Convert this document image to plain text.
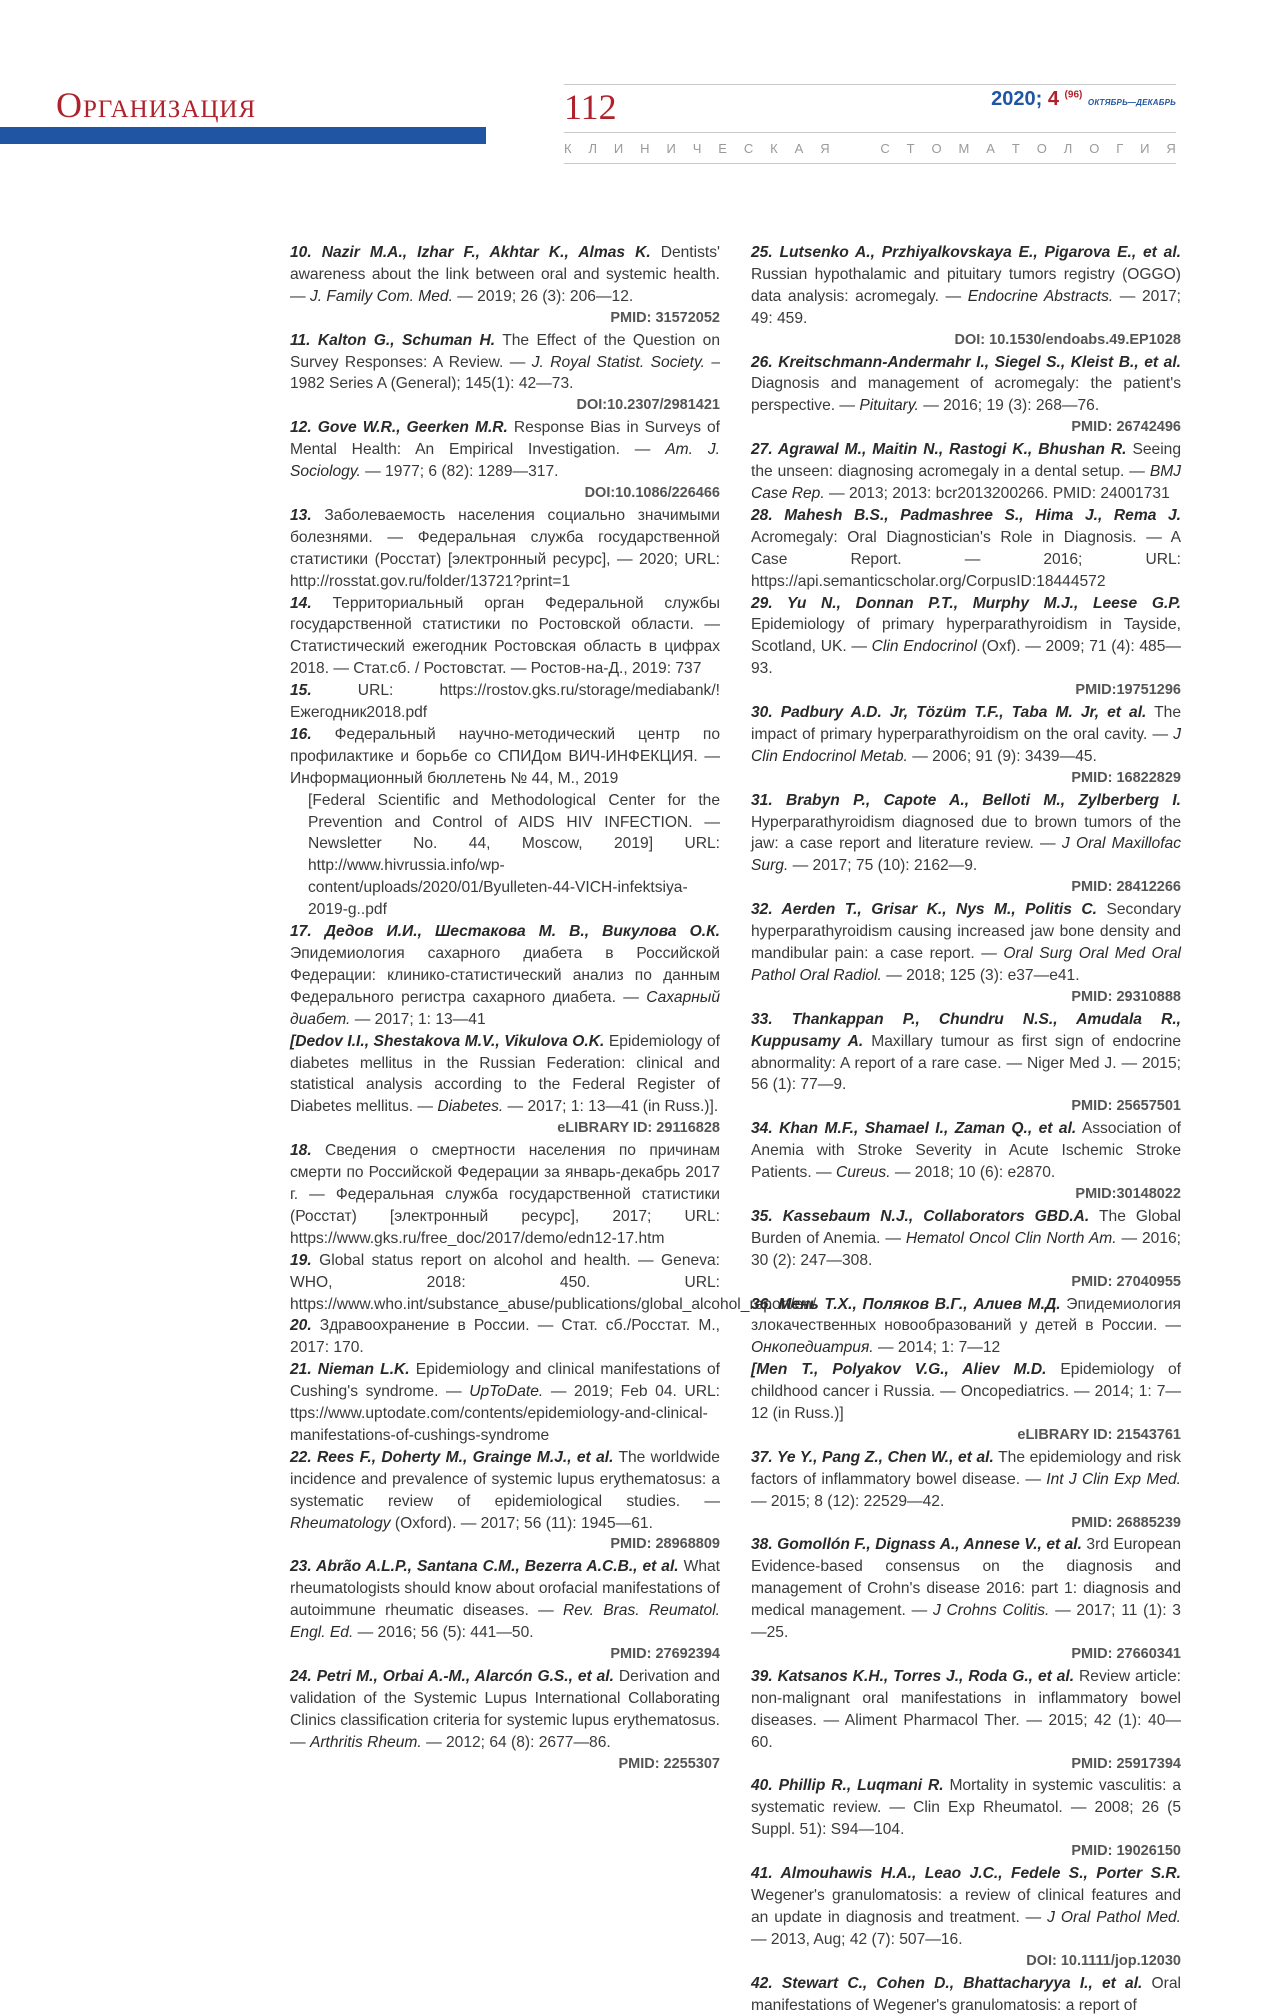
Организация	112	2020; 4 $^{(96)}$ ОКТЯБРЬ—ДЕКАБРЬ
К Л И Н И Ч Е С К А Я	С Т О М А Т О Л О Г И Я

10. Nazir M.A., Izhar F., Akhtar K., Almas K. Dentists' awareness about the link between oral and systemic health. — J. Family Com. Med. — 2019; 26 (3): 206—12.

PMID: 31572052

11. Kalton G., Schuman H. The Effect of the Question on Survey Responses: A Review. — J. Royal Statist. Society. – 1982 Series A (General); 145(1): 42—73.

DOI:10.2307/2981421

12. Gove W.R., Geerken M.R. Response Bias in Surveys of Mental Health: An Empirical Investigation. — Am. J. Sociology. — 1977; 6 (82): 1289—317.

DOI:10.1086/226466

13. Заболеваемость населения социально значимыми болезнями. — Федеральная служба государственной статистики (Росстат) [электронный ресурс], — 2020; URL: http://rosstat.gov.ru/folder/13721?print=1

14. Территориальный орган Федеральной службы государственной статистики по Ростовской области. — Статистический ежегодник Ростовская область в цифрах 2018. — Стат.сб. / Ростовстат. — Ростов-на-Д., 2019: 737

15. URL: https://rostov.gks.ru/storage/mediabank/!Ежегодник2018.pdf

16. Федеральный научно-методический центр по профилактике и борьбе со СПИДом ВИЧ-ИНФЕКЦИЯ. — Информационный бюллетень № 44, М., 2019

[Federal Scientific and Methodological Center for the Prevention and Control of AIDS HIV INFECTION. — Newsletter No. 44, Moscow, 2019] URL: http://www.hivrussia.info/wp-content/uploads/2020/01/Byulleten-44-VICH-infektsiya-2019-g..pdf

17. Дедов И.И., Шестакова М. В., Викулова О.К. Эпидемиология сахарного диабета в Российской Федерации: клинико-статистический анализ по данным Федерального регистра сахарного диабета. — Сахарный диабет. — 2017; 1: 13—41

[Dedov I.I., Shestakova M.V., Vikulova O.K. Epidemiology of diabetes mellitus in the Russian Federation: clinical and statistical analysis according to the Federal Register of Diabetes mellitus. — Diabetes. — 2017; 1: 13—41 (in Russ.)].

eLIBRARY ID: 29116828

18. Сведения о смертности населения по причинам смерти по Российской Федерации за январь-декабрь 2017 г. — Федеральная служба государственной статистики (Росстат) [электронный ресурс], 2017; URL: https://www.gks.ru/free_doc/2017/demo/edn12-17.htm

19. Global status report on alcohol and health. — Geneva: WHO, 2018: 450. URL: https://www.who.int/substance_abuse/publications/global_alcohol_report/en/

20. Здравоохранение в России. — Стат. сб./Росстат. М., 2017: 170.

21. Nieman L.K. Epidemiology and clinical manifestations of Cushing's syndrome. — UpToDate. — 2019; Feb 04. URL: ttps://www.uptodate.com/contents/epidemiology-and-clinical-manifestations-of-cushings-syndrome

22. Rees F., Doherty M., Grainge M.J., et al. The worldwide incidence and prevalence of systemic lupus erythematosus: a systematic review of epidemiological studies. — Rheumatology (Oxford). — 2017; 56 (11): 1945—61.

PMID: 28968809

23. Abrão A.L.P., Santana C.M., Bezerra A.C.B., et al. What rheumatologists should know about orofacial manifestations of autoimmune rheumatic diseases. — Rev. Bras. Reumatol. Engl. Ed. — 2016; 56 (5): 441—50.

PMID: 27692394

24. Petri M., Orbai A.-M., Alarcón G.S., et al. Derivation and validation of the Systemic Lupus International Collaborating Clinics classification criteria for systemic lupus erythematosus. — Arthritis Rheum. — 2012; 64 (8): 2677—86.

PMID: 2255307

25. Lutsenko A., Przhiyalkovskaya E., Pigarova E., et al. Russian hypothalamic and pituitary tumors registry (OGGO) data analysis: acromegaly. — Endocrine Abstracts. — 2017; 49: 459.

DOI: 10.1530/endoabs.49.EP1028

26. Kreitschmann-Andermahr I., Siegel S., Kleist B., et al. Diagnosis and management of acromegaly: the patient's perspective. — Pituitary. — 2016; 19 (3): 268—76.

PMID: 26742496

27. Agrawal M., Maitin N., Rastogi K., Bhushan R. Seeing the unseen: diagnosing acromegaly in a dental setup. — BMJ Case Rep. — 2013; 2013: bcr2013200266. PMID: 24001731

28. Mahesh B.S., Padmashree S., Hima J., Rema J. Acromegaly: Oral Diagnostician's Role in Diagnosis. — A Case Report. — 2016; URL: https://api.semanticscholar.org/CorpusID:18444572

29. Yu N., Donnan P.T., Murphy M.J., Leese G.P. Epidemiology of primary hyperparathyroidism in Tayside, Scotland, UK. — Clin Endocrinol (Oxf). — 2009; 71 (4): 485—93.

PMID:19751296

30. Padbury A.D. Jr, Tözüm T.F., Taba M. Jr, et al. The impact of primary hyperparathyroidism on the oral cavity. — J Clin Endocrinol Metab. — 2006; 91 (9): 3439—45.

PMID: 16822829

31. Brabyn P., Capote A., Belloti M., Zylberberg I. Hyperparathyroidism diagnosed due to brown tumors of the jaw: a case report and literature review. — J Oral Maxillofac Surg. — 2017; 75 (10): 2162—9.

PMID: 28412266

32. Aerden T., Grisar K., Nys M., Politis C. Secondary hyperparathyroidism causing increased jaw bone density and mandibular pain: a case report. — Oral Surg Oral Med Oral Pathol Oral Radiol. — 2018; 125 (3): e37—e41.

PMID: 29310888

33. Thankappan P., Chundru N.S., Amudala R., Kuppusamy A. Maxillary tumour as first sign of endocrine abnormality: A report of a rare case. — Niger Med J. — 2015; 56 (1): 77—9.

PMID: 25657501

34. Khan M.F., Shamael I., Zaman Q., et al. Association of Anemia with Stroke Severity in Acute Ischemic Stroke Patients. — Cureus. — 2018; 10 (6): e2870.

PMID:30148022

35. Kassebaum N.J., Collaborators GBD.A. The Global Burden of Anemia. — Hematol Oncol Clin North Am. — 2016; 30 (2): 247—308.

PMID: 27040955

36. Мень Т.Х., Поляков В.Г., Алиев М.Д. Эпидемиология злокачественных новообразований у детей в России. — Онкопедиатрия. — 2014; 1: 7—12

[Men T., Polyakov V.G., Aliev M.D. Epidemiology of childhood cancer i Russia. — Oncopediatrics. — 2014; 1: 7—12 (in Russ.)]

eLIBRARY ID: 21543761

37. Ye Y., Pang Z., Chen W., et al. The epidemiology and risk factors of inflammatory bowel disease. — Int J Clin Exp Med. — 2015; 8 (12): 22529—42.

PMID: 26885239

38. Gomollón F., Dignass A., Annese V., et al. 3rd European Evidence-based consensus on the diagnosis and management of Crohn's disease 2016: part 1: diagnosis and medical management. — J Crohns Colitis. — 2017; 11 (1): 3—25.

PMID: 27660341

39. Katsanos K.H., Torres J., Roda G., et al. Review article: non-malignant oral manifestations in inflammatory bowel diseases. — Aliment Pharmacol Ther. — 2015; 42 (1): 40—60.

PMID: 25917394

40. Phillip R., Luqmani R. Mortality in systemic vasculitis: a systematic review. — Clin Exp Rheumatol. — 2008; 26 (5 Suppl. 51): S94—104.

PMID: 19026150

41. Almouhawis H.A., Leao J.C., Fedele S., Porter S.R. Wegener's granulomatosis: a review of clinical features and an update in diagnosis and treatment. — J Oral Pathol Med. — 2013, Aug; 42 (7): 507—16.

DOI: 10.1111/jop.12030

42. Stewart C., Cohen D., Bhattacharyya I., et al. Oral manifestations of Wegener's granulomatosis: a report of
